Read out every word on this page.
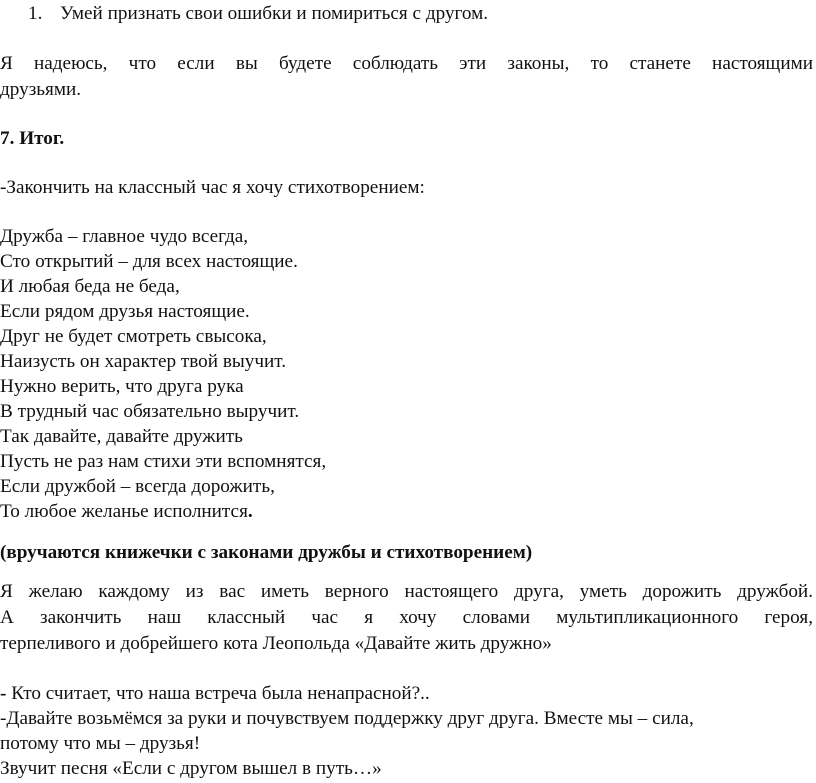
1. Умей признать свои ошибки и помириться с другом.
Я надеюсь, что если вы будете соблюдать эти законы, то станете настоящими
друзьями.
7. Итог.
-Закончить на классный час я хочу стихотворением:
Дружба – главное чудо всегда,
Сто открытий – для всех настоящие.
И любая беда не беда,
Если рядом друзья настоящие.
Друг не будет смотреть свысока,
Наизусть он характер твой выучит.
Нужно верить, что друга рука
В трудный час обязательно выручит.
Так давайте, давайте дружить
Пусть не раз нам стихи эти вспомнятся,
Если дружбой – всегда дорожить,
То любое желанье исполнится.
(вручаются книжечки с законами дружбы и стихотворением)
Я желаю каждому из вас иметь верного настоящего друга, уметь дорожить дружбой.
А закончить наш классный час я хочу словами мультипликационного героя,
терпеливого и добрейшего кота Леопольда «Давайте жить дружно»
- Кто считает, что наша встреча была ненапрасной?..
-Давайте возьмёмся за руки и почувствуем поддержку друг друга. Вместе мы – сила,
потому что мы – друзья!
Звучит песня «Если с другом вышел в путь…»
